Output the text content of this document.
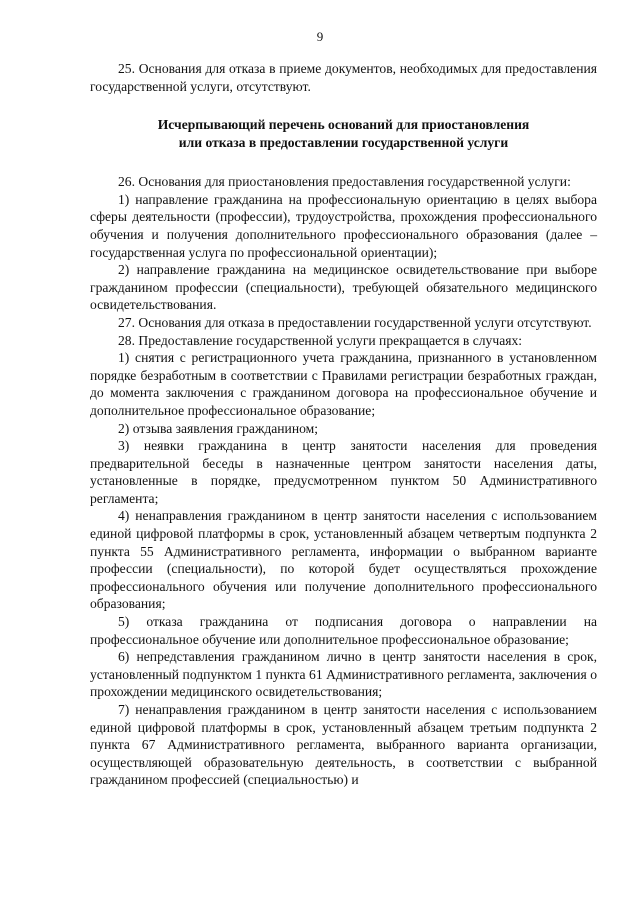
9

25. Основания для отказа в приеме документов, необходимых для предоставления государственной услуги, отсутствуют.

Исчерпывающий перечень оснований для приостановления
или отказа в предоставлении государственной услуги

26. Основания для приостановления предоставления государственной услуги:

1) направление гражданина на профессиональную ориентацию в целях выбора сферы деятельности (профессии), трудоустройства, прохождения профессионального обучения и получения дополнительного профессионального образования (далее – государственная услуга по профессиональной ориентации);

2) направление гражданина на медицинское освидетельствование при выборе гражданином профессии (специальности), требующей обязательного медицинского освидетельствования.

27. Основания для отказа в предоставлении государственной услуги отсутствуют.

28. Предоставление государственной услуги прекращается в случаях:

1) снятия с регистрационного учета гражданина, признанного в установленном порядке безработным в соответствии с Правилами регистрации безработных граждан, до момента заключения с гражданином договора на профессиональное обучение и дополнительное профессиональное образование;

2) отзыва заявления гражданином;

3) неявки гражданина в центр занятости населения для проведения предварительной беседы в назначенные центром занятости населения даты, установленные в порядке, предусмотренном пунктом 50 Административного регламента;

4) ненаправления гражданином в центр занятости населения с использованием единой цифровой платформы в срок, установленный абзацем четвертым подпункта 2 пункта 55 Административного регламента, информации о выбранном варианте профессии (специальности), по которой будет осуществляться прохождение профессионального обучения или получение дополнительного профессионального образования;

5) отказа гражданина от подписания договора о направлении на профессиональное обучение или дополнительное профессиональное образование;

6) непредставления гражданином лично в центр занятости населения в срок, установленный подпунктом 1 пункта 61 Административного регламента, заключения о прохождении медицинского освидетельствования;

7) ненаправления гражданином в центр занятости населения с использованием единой цифровой платформы в срок, установленный абзацем третьим подпункта 2 пункта 67 Административного регламента, выбранного варианта организации, осуществляющей образовательную деятельность, в соответствии с выбранной гражданином профессией (специальностью) и
